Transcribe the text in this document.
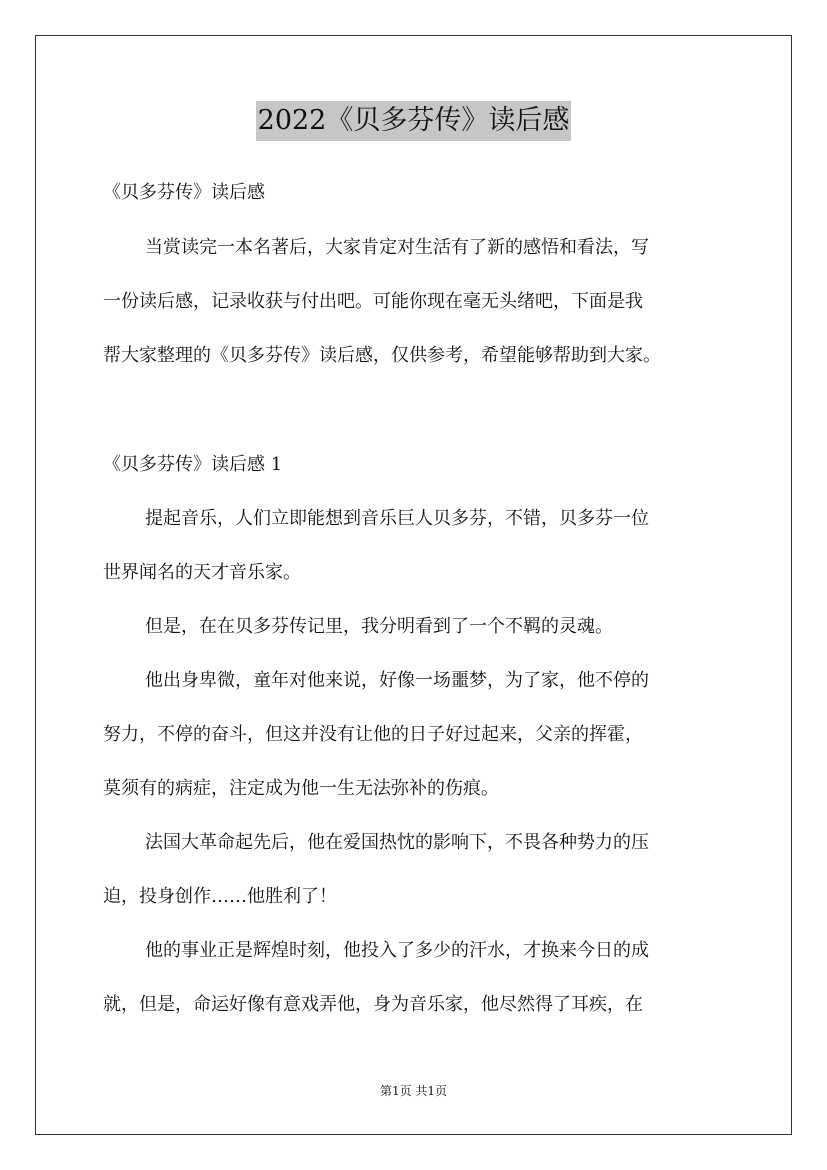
2022《贝多芬传》读后感
《贝多芬传》读后感
当赏读完一本名著后，大家肯定对生活有了新的感悟和看法，写
一份读后感，记录收获与付出吧。可能你现在毫无头绪吧，下面是我
帮大家整理的《贝多芬传》读后感，仅供参考，希望能够帮助到大家。
《贝多芬传》读后感 1
提起音乐，人们立即能想到音乐巨人贝多芬，不错，贝多芬一位
世界闻名的天才音乐家。
但是，在在贝多芬传记里，我分明看到了一个不羁的灵魂。
他出身卑微，童年对他来说，好像一场噩梦，为了家，他不停的
努力，不停的奋斗，但这并没有让他的日子好过起来，父亲的挥霍，
莫须有的病症，注定成为他一生无法弥补的伤痕。
法国大革命起先后，他在爱国热忱的影响下，不畏各种势力的压
迫，投身创作……他胜利了！
他的事业正是辉煌时刻，他投入了多少的汗水，才换来今日的成
就，但是，命运好像有意戏弄他，身为音乐家，他尽然得了耳疾，在
第1页 共1页
